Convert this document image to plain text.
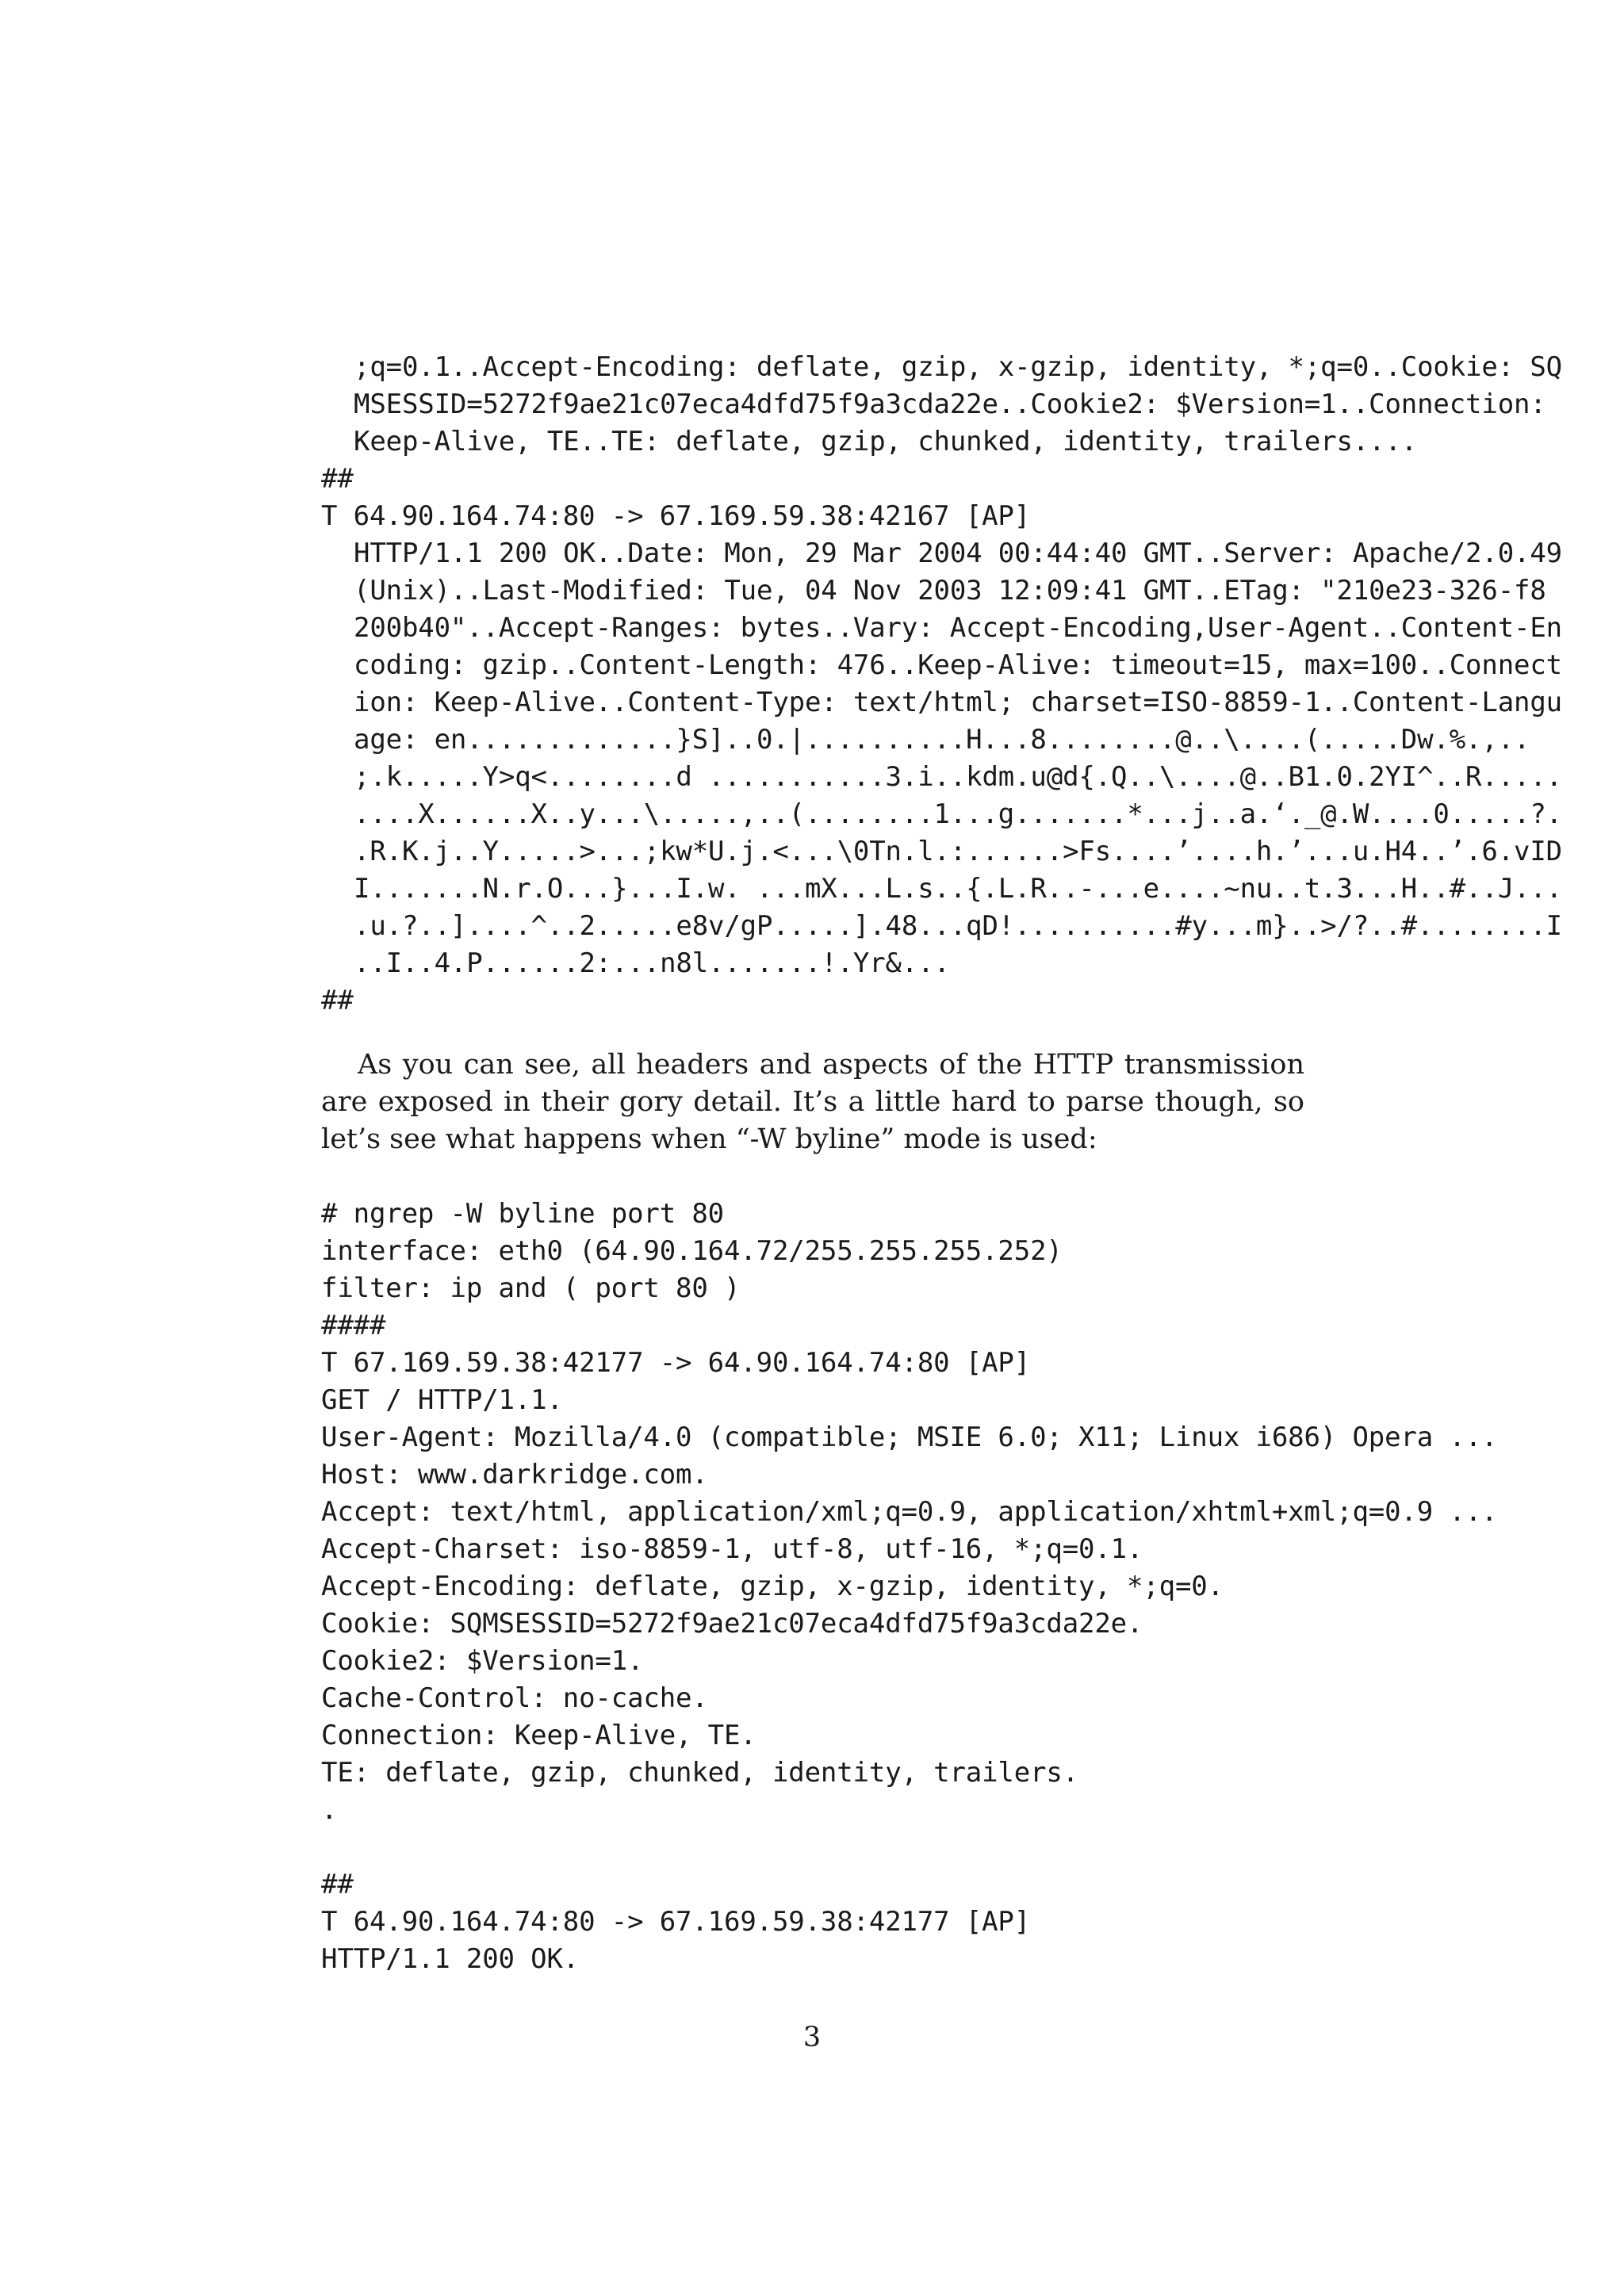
;q=0.1..Accept-Encoding: deflate, gzip, x-gzip, identity, *;q=0..Cookie: SQ
MSESSID=5272f9ae21c07eca4dfd75f9a3cda22e..Cookie2: $Version=1..Connection:
Keep-Alive, TE..TE: deflate, gzip, chunked, identity, trailers....
##
T 64.90.164.74:80 -> 67.169.59.38:42167 [AP]
HTTP/1.1 200 OK..Date: Mon, 29 Mar 2004 00:44:40 GMT..Server: Apache/2.0.49
(Unix)..Last-Modified: Tue, 04 Nov 2003 12:09:41 GMT..ETag: "210e23-326-f8
200b40"..Accept-Ranges: bytes..Vary: Accept-Encoding,User-Agent..Content-En
coding: gzip..Content-Length: 476..Keep-Alive: timeout=15, max=100..Connect
ion: Keep-Alive..Content-Type: text/html; charset=ISO-8859-1..Content-Langu
age: en.............}S]..0.|..........H...8........@..\....(.....Dw.%.,..
;.k.....Y>q<........d ...........3.i..kdm.u@d{.Q..\....@..B1.0.2YI^..R.....
....X......X..y...\.....,..(........1...g.......*...j..a.‘._@.W....0.....?.
.R.K.j..Y.....>...;kw*U.j.<...\0Tn.l.:......>Fs....’....h.’...u.H4..’.6.vID
I.......N.r.O...}...I.w. ...mX...L.s..{.L.R..-...e....~nu..t.3...H..#..J...
.u.?..]....^..2.....e8v/gP.....].48...qD!..........#y...m}..>/?..#........I
..I..4.P......2:...n8l.......!.Yr&...
##

As you can see, all headers and aspects of the HTTP transmission are exposed in their gory detail. It’s a little hard to parse though, so let’s see what happens when “-W byline” mode is used:

# ngrep -W byline port 80
interface: eth0 (64.90.164.72/255.255.255.252)
filter: ip and ( port 80 )
####
T 67.169.59.38:42177 -> 64.90.164.74:80 [AP]
GET / HTTP/1.1.
User-Agent: Mozilla/4.0 (compatible; MSIE 6.0; X11; Linux i686) Opera ...
Host: www.darkridge.com.
Accept: text/html, application/xml;q=0.9, application/xhtml+xml;q=0.9 ...
Accept-Charset: iso-8859-1, utf-8, utf-16, *;q=0.1.
Accept-Encoding: deflate, gzip, x-gzip, identity, *;q=0.
Cookie: SQMSESSID=5272f9ae21c07eca4dfd75f9a3cda22e.
Cookie2: $Version=1.
Cache-Control: no-cache.
Connection: Keep-Alive, TE.
TE: deflate, gzip, chunked, identity, trailers.
.
##
T 64.90.164.74:80 -> 67.169.59.38:42177 [AP]
HTTP/1.1 200 OK.
3
